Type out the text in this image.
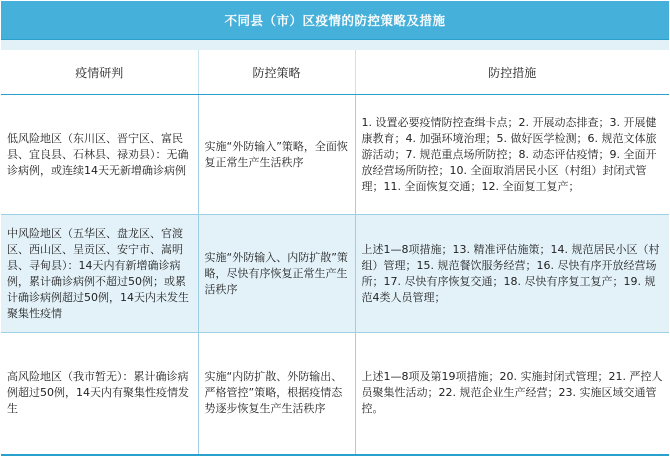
不同县（市）区疫情的防控策略及措施		

疫情研判	防控策略	防控措施
低风险地区（东川区、晋宁区、富民县、宜良县、石林县、禄劝县）：无确诊病例，或连续14天无新增确诊病例	实施“外防输入”策略，全面恢复正常生产生活秩序	1. 设置必要疫情防控查缉卡点；2. 开展动态排查；3. 开展健康教育；4. 加强环境治理；5. 做好医学检测；6. 规范文体旅游活动；7. 规范重点场所防控；8. 动态评估疫情；9. 全面开放经营场所防控；10. 全面取消居民小区（村组）封闭式管理；11. 全面恢复交通；12. 全面复工复产；
中风险地区（五华区、盘龙区、官渡区、西山区、呈贡区、安宁市、嵩明县、寻甸县）：14天内有新增确诊病例，累计确诊病例不超过50例；或累计确诊病例超过50例，14天内未发生聚集性疫情	实施“外防输入、内防扩散”策略，尽快有序恢复正常生产生活秩序	上述1—8项措施；13. 精准评估施策；14. 规范居民小区（村组）管理；15. 规范餐饮服务经营；16. 尽快有序开放经营场所；17. 尽快有序恢复交通；18. 尽快有序复工复产；19. 规范4类人员管理；
高风险地区（我市暂无）：累计确诊病例超过50例，14天内有聚集性疫情发生	实施“内防扩散、外防输出、严格管控”策略，根据疫情态势逐步恢复生产生活秩序	上述1—8项及第19项措施；20. 实施封闭式管理；21. 严控人员聚集性活动；22. 规范企业生产经营；23. 实施区域交通管控。
